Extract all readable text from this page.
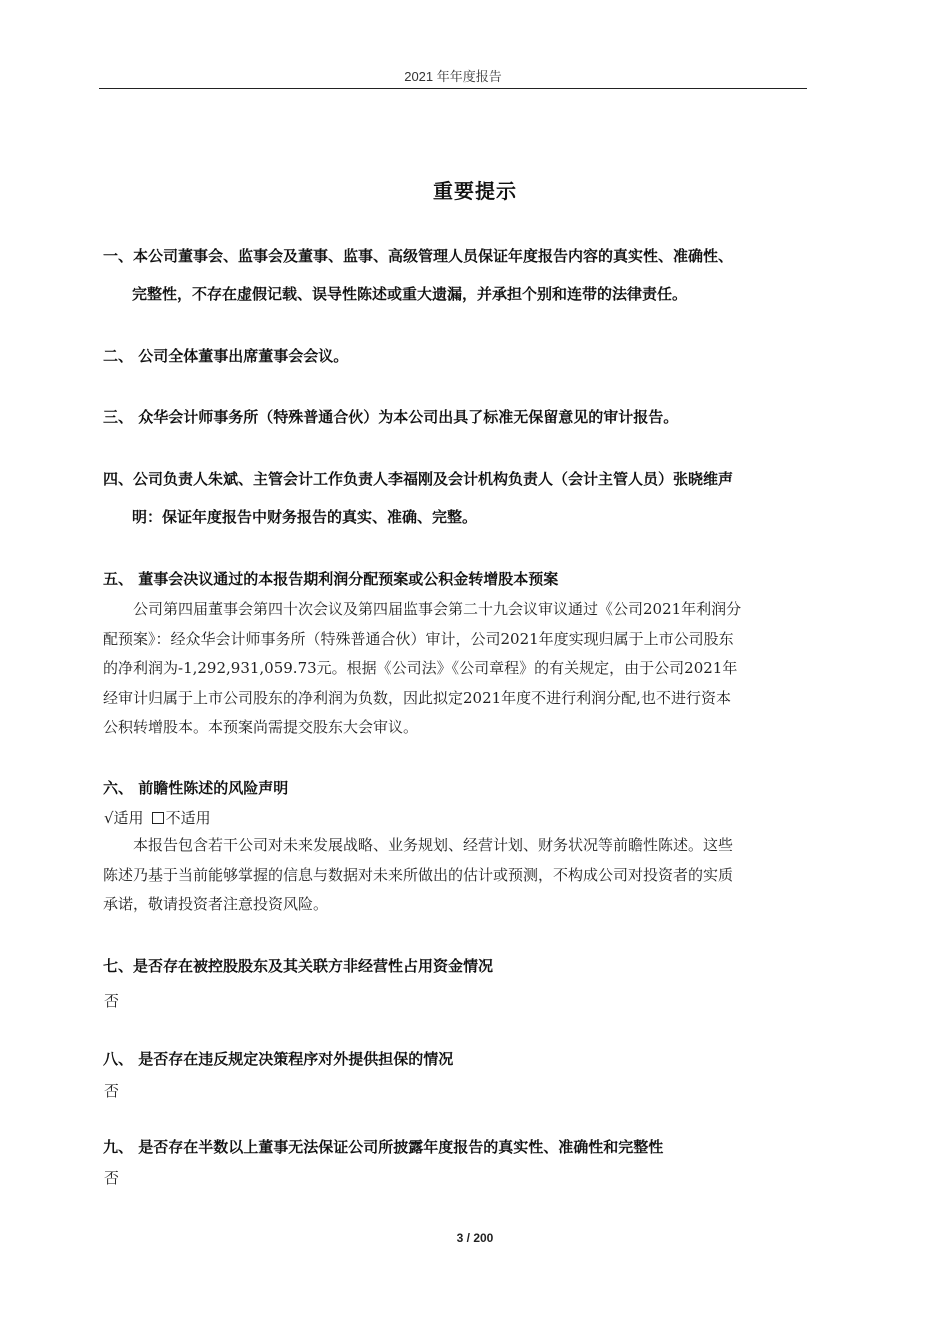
2021 年年度报告
重要提示
一、本公司董事会、监事会及董事、监事、高级管理人员保证年度报告内容的真实性、准确性、
完整性，不存在虚假记载、误导性陈述或重大遗漏，并承担个别和连带的法律责任。
二、 公司全体董事出席董事会会议。
三、 众华会计师事务所（特殊普通合伙）为本公司出具了标准无保留意见的审计报告。
四、公司负责人朱斌、主管会计工作负责人李福刚及会计机构负责人（会计主管人员）张晓维声
明：保证年度报告中财务报告的真实、准确、完整。
五、 董事会决议通过的本报告期利润分配预案或公积金转增股本预案
　　公司第四届董事会第四十次会议及第四届监事会第二十九会议审议通过《公司2021年利润分
配预案》：经众华会计师事务所（特殊普通合伙）审计，公司2021年度实现归属于上市公司股东
的净利润为-1,292,931,059.73元。根据《公司法》《公司章程》的有关规定，由于公司2021年
经审计归属于上市公司股东的净利润为负数，因此拟定2021年度不进行利润分配,也不进行资本
公积转增股本。本预案尚需提交股东大会审议。
六、 前瞻性陈述的风险声明
√适用 不适用
　　本报告包含若干公司对未来发展战略、业务规划、经营计划、财务状况等前瞻性陈述。这些
陈述乃基于当前能够掌握的信息与数据对未来所做出的估计或预测，不构成公司对投资者的实质
承诺，敬请投资者注意投资风险。
七、是否存在被控股股东及其关联方非经营性占用资金情况
否
八、 是否存在违反规定决策程序对外提供担保的情况
否
九、 是否存在半数以上董事无法保证公司所披露年度报告的真实性、准确性和完整性
否
3 / 200
